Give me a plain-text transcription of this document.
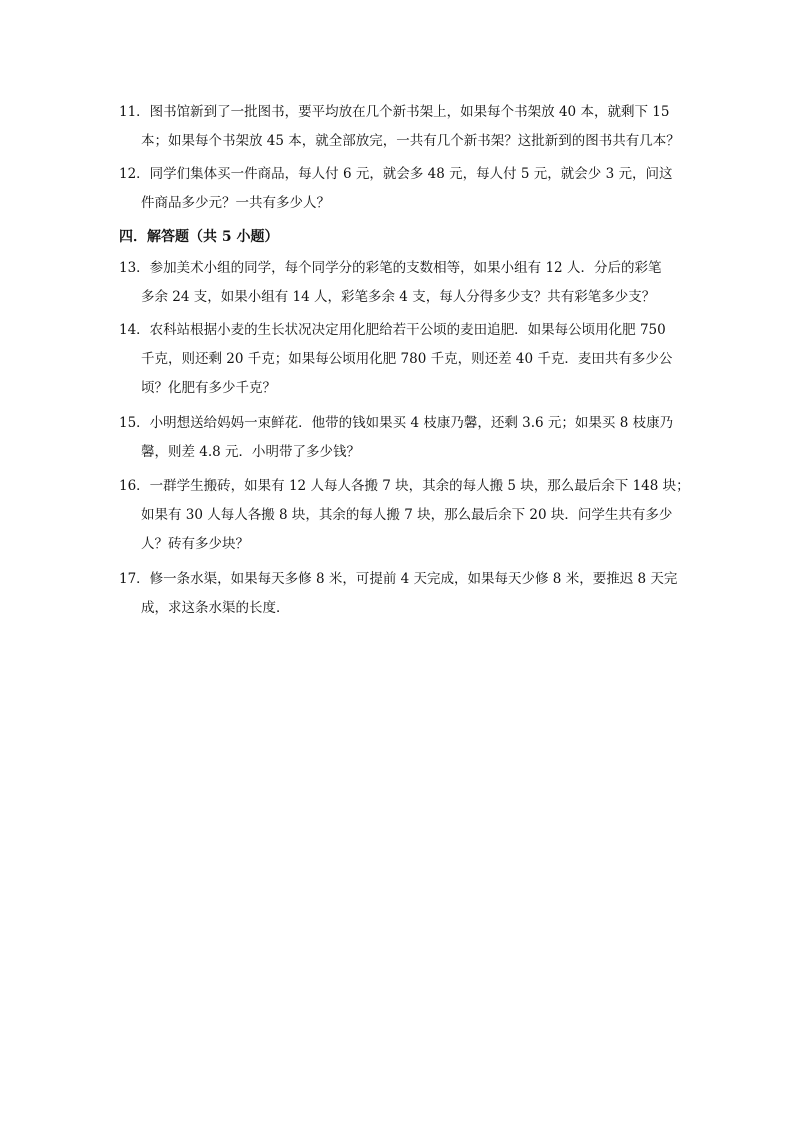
11．图书馆新到了一批图书，要平均放在几个新书架上，如果每个书架放 40 本，就剩下 15
本；如果每个书架放 45 本，就全部放完，一共有几个新书架？这批新到的图书共有几本？
12．同学们集体买一件商品，每人付 6 元，就会多 48 元，每人付 5 元，就会少 3 元，问这
件商品多少元？一共有多少人？
四．解答题（共 5 小题）
13．参加美术小组的同学，每个同学分的彩笔的支数相等，如果小组有 12 人．分后的彩笔
多余 24 支，如果小组有 14 人，彩笔多余 4 支，每人分得多少支？共有彩笔多少支？
14．农科站根据小麦的生长状况决定用化肥给若干公顷的麦田追肥．如果每公顷用化肥 750
千克，则还剩 20 千克；如果每公顷用化肥 780 千克，则还差 40 千克．麦田共有多少公
顷？化肥有多少千克？
15．小明想送给妈妈一束鲜花．他带的钱如果买 4 枝康乃馨，还剩 3.6 元；如果买 8 枝康乃
馨，则差 4.8 元．小明带了多少钱？
16．一群学生搬砖，如果有 12 人每人各搬 7 块，其余的每人搬 5 块，那么最后余下 148 块；
如果有 30 人每人各搬 8 块，其余的每人搬 7 块，那么最后余下 20 块．问学生共有多少
人？砖有多少块？
17．修一条水渠，如果每天多修 8 米，可提前 4 天完成，如果每天少修 8 米，要推迟 8 天完
成，求这条水渠的长度．
